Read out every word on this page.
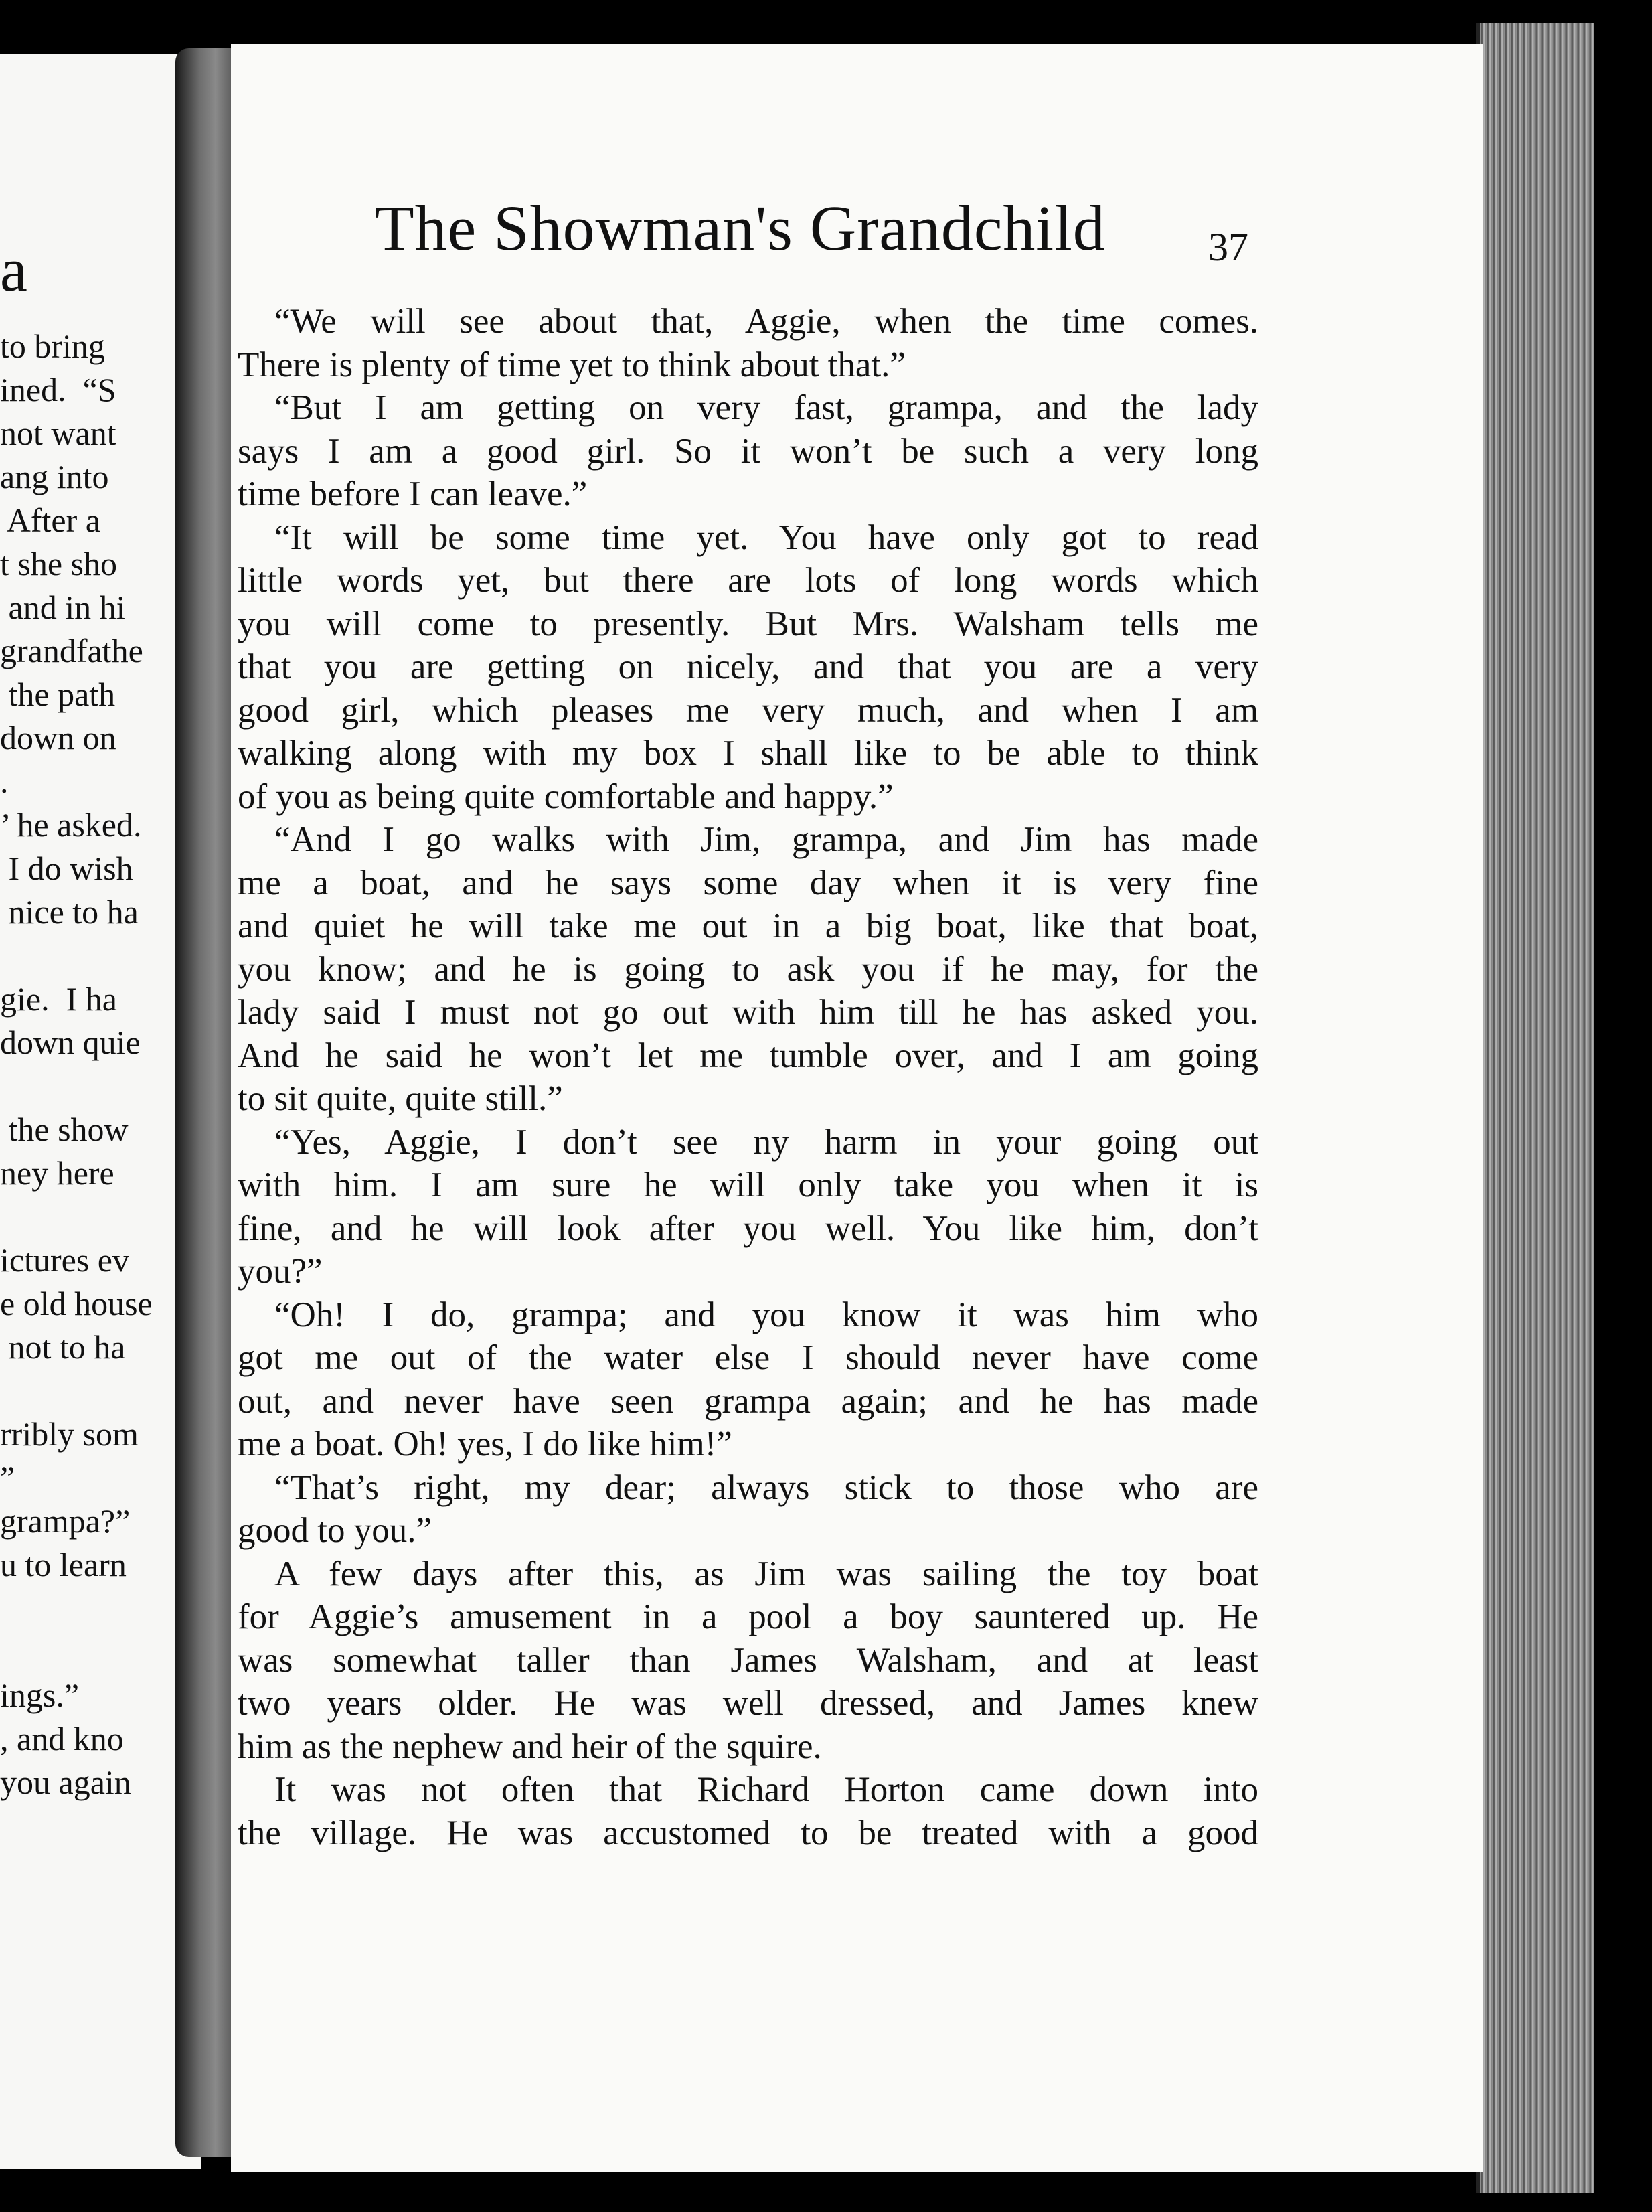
a
to bring
ined.  “S
not want
ang into
After a
t she sho
and in hi
grandfathe
the path
down on
.
’ he asked.
I do wish
nice to ha
gie.  I ha
down quie
the show
ney here
ictures ev
e old house
not to ha
rribly som
”
grampa?”
u to learn
ings.”
, and kno
you again
The Showman's Grandchild	37
“We will see about that, Aggie, when the time comes.
There is plenty of time yet to think about that.”
“But I am getting on very fast, grampa, and the lady
says I am a good girl. So it won’t be such a very long
time before I can leave.”
“It will be some time yet. You have only got to read
little words yet, but there are lots of long words which
you will come to presently. But Mrs. Walsham tells me
that you are getting on nicely, and that you are a very
good girl, which pleases me very much, and when I am
walking along with my box I shall like to be able to think
of you as being quite comfortable and happy.”
“And I go walks with Jim, grampa, and Jim has made
me a boat, and he says some day when it is very fine
and quiet he will take me out in a big boat, like that boat,
you know; and he is going to ask you if he may, for the
lady said I must not go out with him till he has asked you.
And he said he won’t let me tumble over, and I am going
to sit quite, quite still.”
“Yes, Aggie, I don’t see ny harm in your going out
with him. I am sure he will only take you when it is
fine, and he will look after you well. You like him, don’t
you?”
“Oh! I do, grampa; and you know it was him who
got me out of the water else I should never have come
out, and never have seen grampa again; and he has made
me a boat. Oh! yes, I do like him!”
“That’s right, my dear; always stick to those who are
good to you.”
A few days after this, as Jim was sailing the toy boat
for Aggie’s amusement in a pool a boy sauntered up. He
was somewhat taller than James Walsham, and at least
two years older. He was well dressed, and James knew
him as the nephew and heir of the squire.
It was not often that Richard Horton came down into
the village. He was accustomed to be treated with a good
